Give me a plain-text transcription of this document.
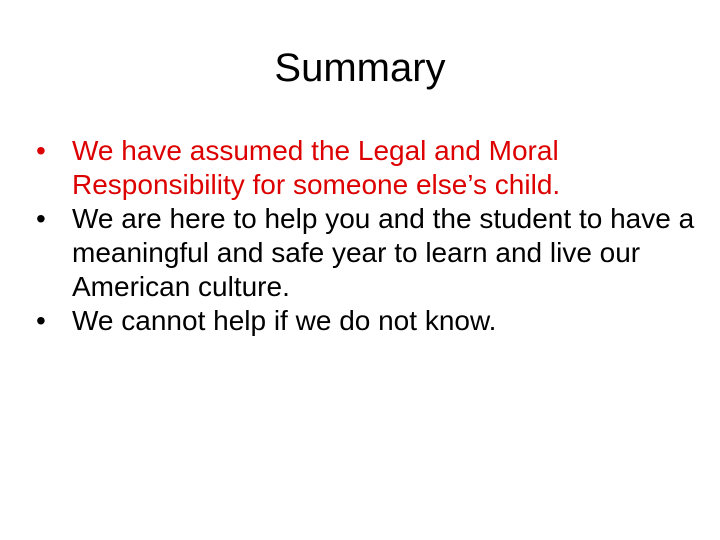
Summary
• We have assumed the Legal and Moral Responsibility for someone else’s child.
• We are here to help you and the student to have a meaningful and safe year to learn and live our American culture.
• We cannot help if we do not know.
